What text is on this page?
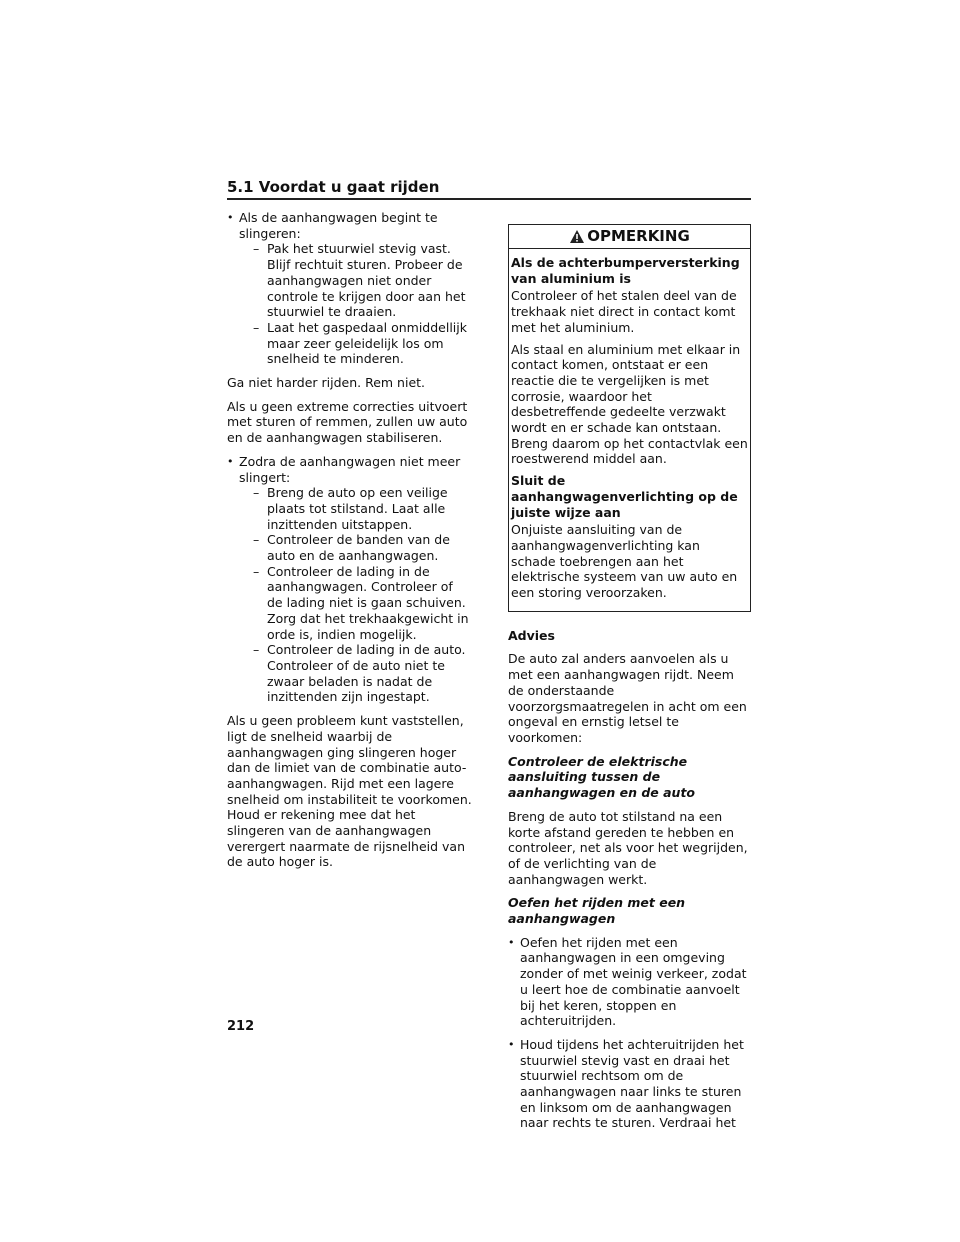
5.1 Voordat u gaat rijden
• Als de aanhangwagen begint te slingeren:
– Pak het stuurwiel stevig vast. Blijf rechtuit sturen. Probeer de aanhangwagen niet onder controle te krijgen door aan het stuurwiel te draaien.
– Laat het gaspedaal onmiddellijk maar zeer geleidelijk los om snelheid te minderen.

Ga niet harder rijden. Rem niet.

Als u geen extreme correcties uitvoert met sturen of remmen, zullen uw auto en de aanhangwagen stabiliseren.

• Zodra de aanhangwagen niet meer slingert:
– Breng de auto op een veilige plaats tot stilstand. Laat alle inzittenden uitstappen.
– Controleer de banden van de auto en de aanhangwagen.
– Controleer de lading in de aanhangwagen. Controleer of de lading niet is gaan schuiven. Zorg dat het trekhaakgewicht in orde is, indien mogelijk.
– Controleer de lading in de auto. Controleer of de auto niet te zwaar beladen is nadat de inzittenden zijn ingestapt.

Als u geen probleem kunt vaststellen, ligt de snelheid waarbij de aanhangwagen ging slingeren hoger dan de limiet van de combinatie auto-aanhangwagen. Rijd met een lagere snelheid om instabiliteit te voorkomen. Houd er rekening mee dat het slingeren van de aanhangwagen verergert naarmate de rijsnelheid van de auto hoger is.

OPMERKING
Als de achterbumperversterking van aluminium is

Controleer of het stalen deel van de trekhaak niet direct in contact komt met het aluminium.

Als staal en aluminium met elkaar in contact komen, ontstaat er een reactie die te vergelijken is met corrosie, waardoor het desbetreffende gedeelte verzwakt wordt en er schade kan ontstaan. Breng daarom op het contactvlak een roestwerend middel aan.

Sluit de aanhangwagenverlichting op de juiste wijze aan

Onjuiste aansluiting van de aanhangwagenverlichting kan schade toebrengen aan het elektrische systeem van uw auto en een storing veroorzaken.

Advies

De auto zal anders aanvoelen als u met een aanhangwagen rijdt. Neem de onderstaande voorzorgsmaatregelen in acht om een ongeval en ernstig letsel te voorkomen:

Controleer de elektrische aansluiting tussen de aanhangwagen en de auto

Breng de auto tot stilstand na een korte afstand gereden te hebben en controleer, net als voor het wegrijden, of de verlichting van de aanhangwagen werkt.

Oefen het rijden met een aanhangwagen

• Oefen het rijden met een aanhangwagen in een omgeving zonder of met weinig verkeer, zodat u leert hoe de combinatie aanvoelt bij het keren, stoppen en achteruitrijden.
• Houd tijdens het achteruitrijden het stuurwiel stevig vast en draai het stuurwiel rechtsom om de aanhangwagen naar links te sturen en linksom om de aanhangwagen naar rechts te sturen. Verdraai het
212
